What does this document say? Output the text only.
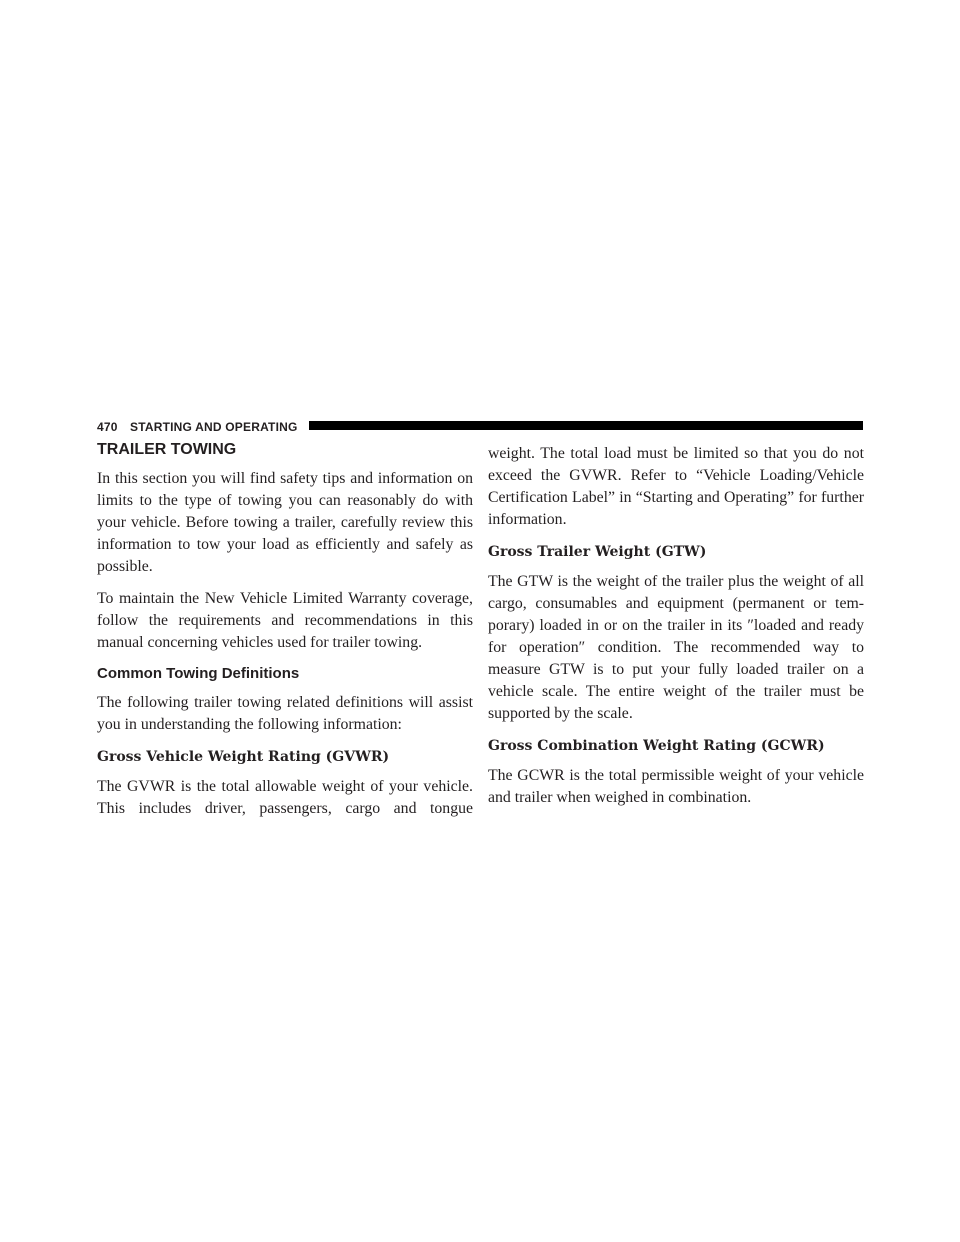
470 STARTING AND OPERATING
TRAILER TOWING

In this section you will find safety tips and information on limits to the type of towing you can reasonably do with your vehicle. Before towing a trailer, carefully review this information to tow your load as efficiently and safely as possible.

To maintain the New Vehicle Limited Warranty coverage, follow the requirements and recommendations in this manual concerning vehicles used for trailer towing.

Common Towing Definitions

The following trailer towing related definitions will assist you in understanding the following information:

Gross Vehicle Weight Rating (GVWR)

The GVWR is the total allowable weight of your vehicle. This includes driver, passengers, cargo and tongue

weight. The total load must be limited so that you do not exceed the GVWR. Refer to “Vehicle Loading/Vehicle Certification Label” in “Starting and Operating” for further information.

Gross Trailer Weight (GTW)

The GTW is the weight of the trailer plus the weight of all cargo, consumables and equipment (permanent or tem-porary) loaded in or on the trailer in its ″loaded and ready for operation″ condition. The recommended way to measure GTW is to put your fully loaded trailer on a vehicle scale. The entire weight of the trailer must be supported by the scale.

Gross Combination Weight Rating (GCWR)

The GCWR is the total permissible weight of your vehicle and trailer when weighed in combination.
